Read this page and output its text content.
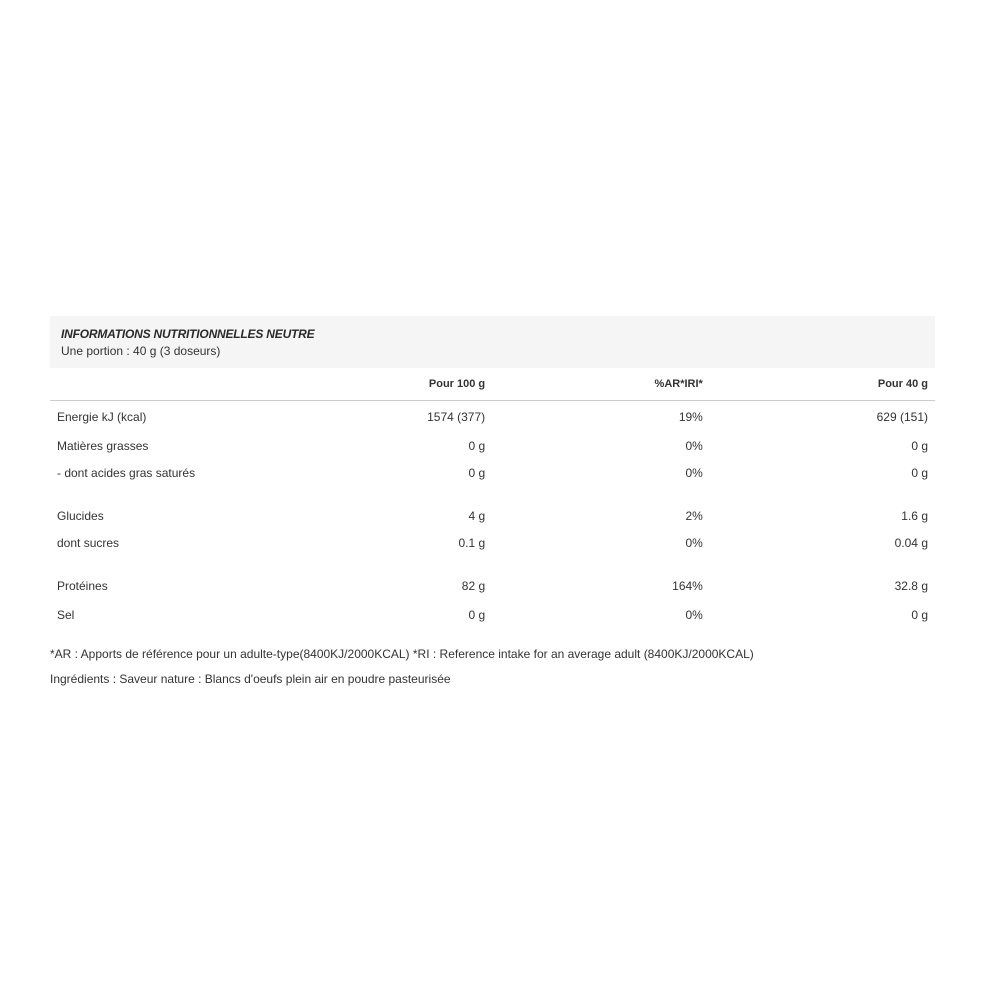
INFORMATIONS NUTRITIONNELLES NEUTRE
Une portion : 40 g (3 doseurs)
	Pour 100 g	%AR*IRI*	Pour 40 g
Energie kJ (kcal)	1574 (377)	19%	629 (151)
Matières grasses	0 g	0%	0 g
- dont acides gras saturés	0 g	0%	0 g

Glucides	4 g	2%	1.6 g
dont sucres	0.1 g	0%	0.04 g

Protéines	82 g	164%	32.8 g
Sel	0 g	0%	0 g
*AR : Apports de référence pour un adulte-type(8400KJ/2000KCAL) *RI : Reference intake for an average adult (8400KJ/2000KCAL)
Ingrédients : Saveur nature : Blancs d'oeufs plein air en poudre pasteurisée
